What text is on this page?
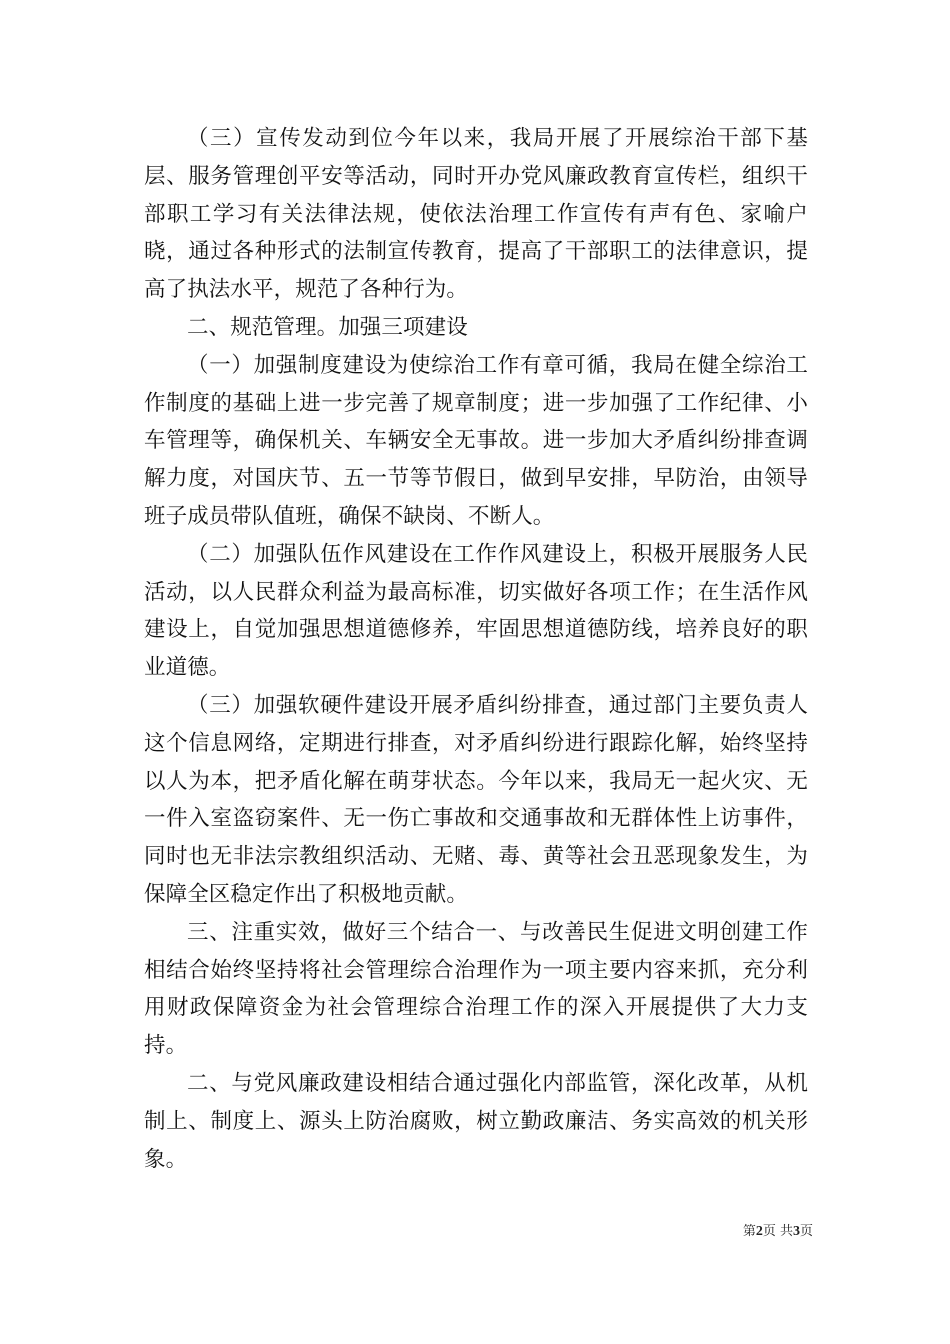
（三）宣传发动到位今年以来，我局开展了开展综治干部下基层、服务管理创平安等活动，同时开办党风廉政教育宣传栏，组织干部职工学习有关法律法规，使依法治理工作宣传有声有色、家喻户晓，通过各种形式的法制宣传教育，提高了干部职工的法律意识，提高了执法水平，规范了各种行为。

二、规范管理。加强三项建设

（一）加强制度建设为使综治工作有章可循，我局在健全综治工作制度的基础上进一步完善了规章制度；进一步加强了工作纪律、小车管理等，确保机关、车辆安全无事故。进一步加大矛盾纠纷排查调解力度，对国庆节、五一节等节假日，做到早安排，早防治，由领导班子成员带队值班，确保不缺岗、不断人。

（二）加强队伍作风建设在工作作风建设上，积极开展服务人民活动，以人民群众利益为最高标准，切实做好各项工作；在生活作风建设上，自觉加强思想道德修养，牢固思想道德防线，培养良好的职业道德。

（三）加强软硬件建设开展矛盾纠纷排查，通过部门主要负责人这个信息网络，定期进行排查，对矛盾纠纷进行跟踪化解，始终坚持以人为本，把矛盾化解在萌芽状态。今年以来，我局无一起火灾、无一件入室盗窃案件、无一伤亡事故和交通事故和无群体性上访事件，同时也无非法宗教组织活动、无赌、毒、黄等社会丑恶现象发生，为保障全区稳定作出了积极地贡献。

三、注重实效，做好三个结合一、与改善民生促进文明创建工作相结合始终坚持将社会管理综合治理作为一项主要内容来抓，充分利用财政保障资金为社会管理综合治理工作的深入开展提供了大力支持。

二、与党风廉政建设相结合通过强化内部监管，深化改革，从机制上、制度上、源头上防治腐败，树立勤政廉洁、务实高效的机关形象。

第2页 共3页
